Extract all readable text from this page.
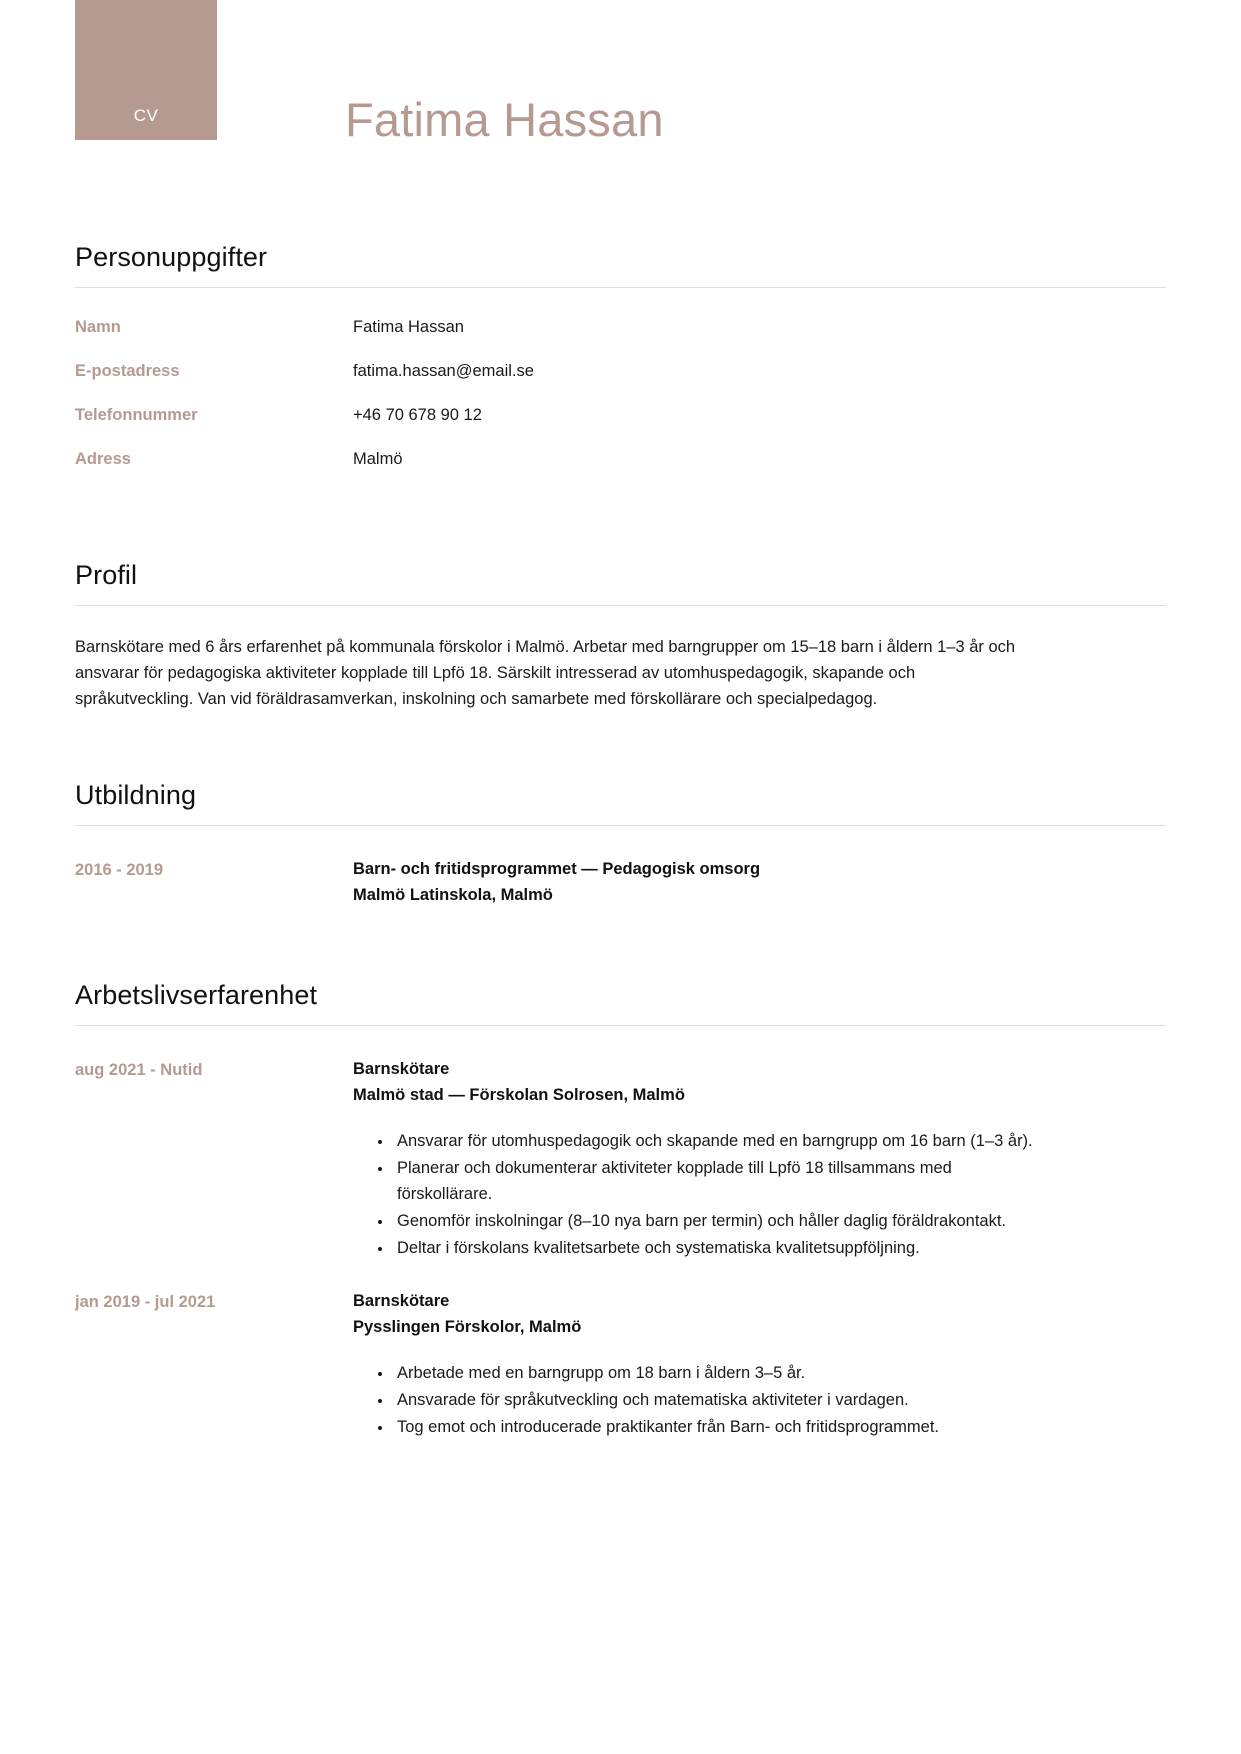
CV	Fatima Hassan
Personuppgifter
Namn	Fatima Hassan
E-postadress	fatima.hassan@email.se
Telefonnummer	+46 70 678 90 12
Adress	Malmö
Profil

Barnskötare med 6 års erfarenhet på kommunala förskolor i Malmö. Arbetar med barngrupper om 15–18 barn i åldern 1–3 år och ansvarar för pedagogiska aktiviteter kopplade till Lpfö 18. Särskilt intresserad av utomhuspedagogik, skapande och språkutveckling. Van vid föräldrasamverkan, inskolning och samarbete med förskollärare och specialpedagog.

Utbildning
2016 - 2019	Barn- och fritidsprogrammet — Pedagogisk omsorg
Malmö Latinskola, Malmö
Arbetslivserfarenhet
aug 2021 - Nutid	Barnskötare
Malmö stad — Förskolan Solrosen, Malmö
• Ansvarar för utomhuspedagogik och skapande med en barngrupp om 16 barn (1–3 år).
• Planerar och dokumenterar aktiviteter kopplade till Lpfö 18 tillsammans med förskollärare.
• Genomför inskolningar (8–10 nya barn per termin) och håller daglig föräldrakontakt.
• Deltar i förskolans kvalitetsarbete och systematiska kvalitetsuppföljning.
jan 2019 - jul 2021	Barnskötare
Pysslingen Förskolor, Malmö
• Arbetade med en barngrupp om 18 barn i åldern 3–5 år.
• Ansvarade för språkutveckling och matematiska aktiviteter i vardagen.
• Tog emot och introducerade praktikanter från Barn- och fritidsprogrammet.
